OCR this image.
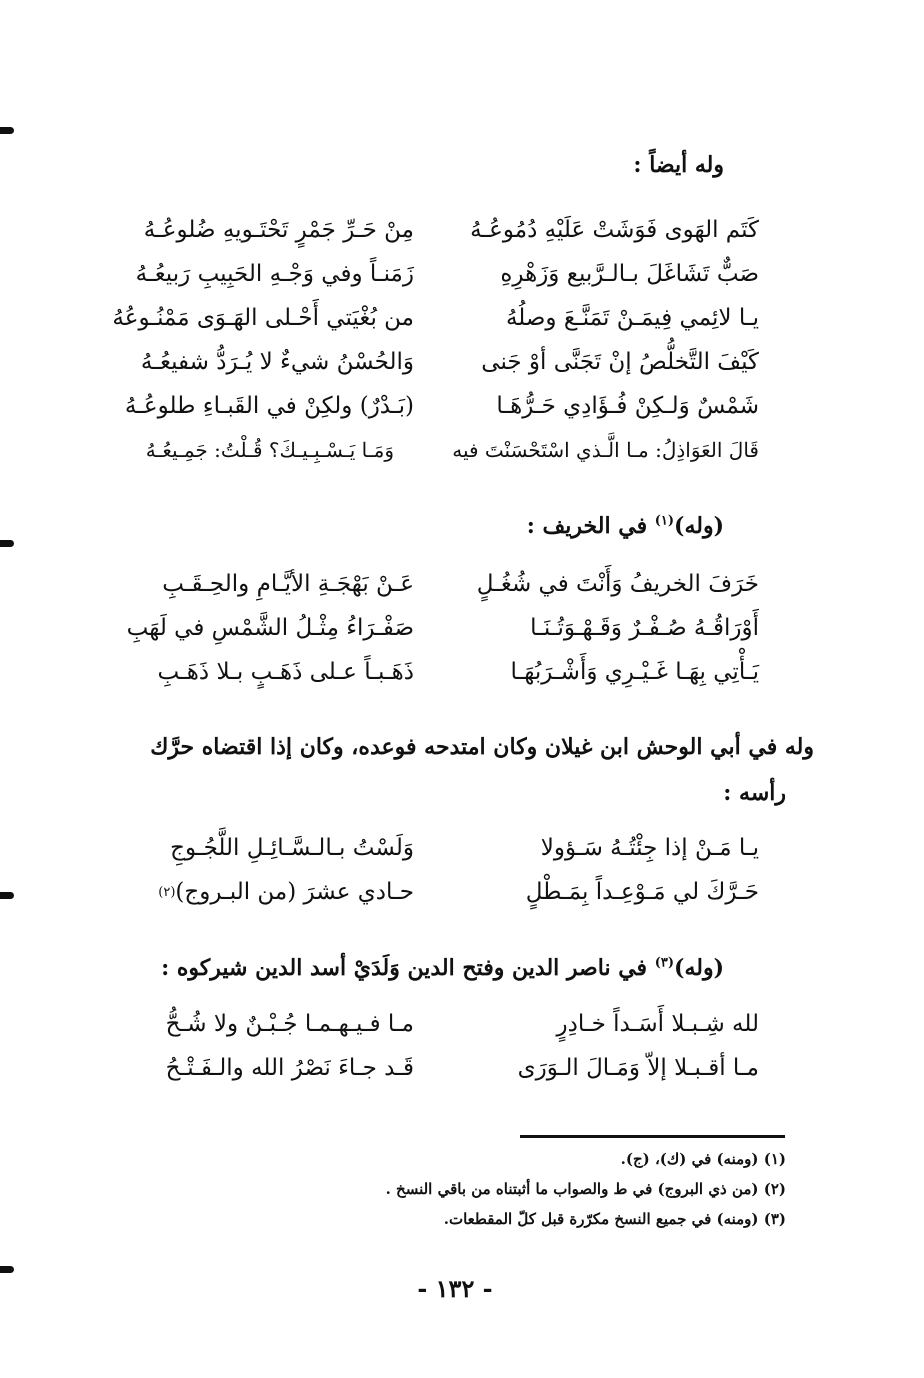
وله أيضاً :
كَتَم الهَوى فَوَشَتْ عَلَيْهِ دُمُوعُـهُ
مِنْ حَـرِّ جَمْرٍ تَحْتَـويهِ ضُلوعُـهُ
صَبٌّ تَشَاغَلَ بـالـرَّبيع وَزَهْرِهِ
زَمَنـاً وفي وَجْـهِ الحَبِيبِ رَبيعُـهُ
يـا لائِمي فِيمَـنْ تَمَنَّـعَ وصلُهُ
من بُغْيَتي أَحْـلى الهَـوَى مَمْنُـوعُهُ
كَيْفَ التَّخلُّصُ إنْ تَجَنَّى أوْ جَنى
وَالحُسْنُ شيءٌ لا يُـرَدُّ شفيعُـهُ
شَمْسٌ وَلـكِنْ فُـؤَادِي حَـرُّهَـا
(بَـدْرٌ) ولكِنْ في القَبـاءِ طلوعُـهُ
قَالَ العَوَاذِلُ: مـا الَّـذي اسْتَحْسَنْتَ فيه
وَمَـا يَـسْـبِـيـكَ؟ قُـلْتُ: جَمِـيعُـهُ
(وله)$^{(١)}$ في الخريف :
خَرَفَ الخريفُ وَأَنْتَ في شُغُـلٍ
عَـنْ بَهْجَـةِ الأيَّـامِ والحِـقَـبِ
أَوْرَاقُـهُ صُـفْـرٌ وَقَـهْـوَتُـنَـا
صَفْـرَاءُ مِثْـلُ الشَّمْسِ في لَهَبِ
يَـأْتِي بِهَـا غَـيْـرِي وَأَشْـرَبُهَـا
ذَهَـبـاً عـلى ذَهَـبٍ بـلا ذَهَـبِ
وله في أبي الوحش ابن غيلان وكان امتدحه فوعده، وكان إذا اقتضاه حرَّك
رأسه :
يـا مَـنْ إذا جِئْتُـهُ سَـؤولا
وَلَسْتُ بـالـسَّـائِـلِ اللَّجُـوجِ
حَـرَّكَ لي مَـوْعِـداً بِمَـطْلٍ
حـادي عشرَ (من البـروج)
(٢)
(وله)$^{(٣)}$ في ناصر الدين وفتح الدين وَلَدَيْ أسد الدين شيركوه :
لله شِـبـلا أَسَـداً خـادِرٍ
مـا فـيـهـمـا جُـبْـنٌ ولا شُـحُّ
مـا أقـبـلا إلاّ وَمَـالَ الـوَرَى
قَـد جـاءَ نَصْرُ الله والـفَـتْـحُ
(١) (ومنه) في (ك)، (ج).
(٢) (من ذي البروج) في ط والصواب ما أثبتناه من باقي النسخ .
(٣) (ومنه) في جميع النسخ مكرّرة قبل كلّ المقطعات.
- ١٣٢ -
